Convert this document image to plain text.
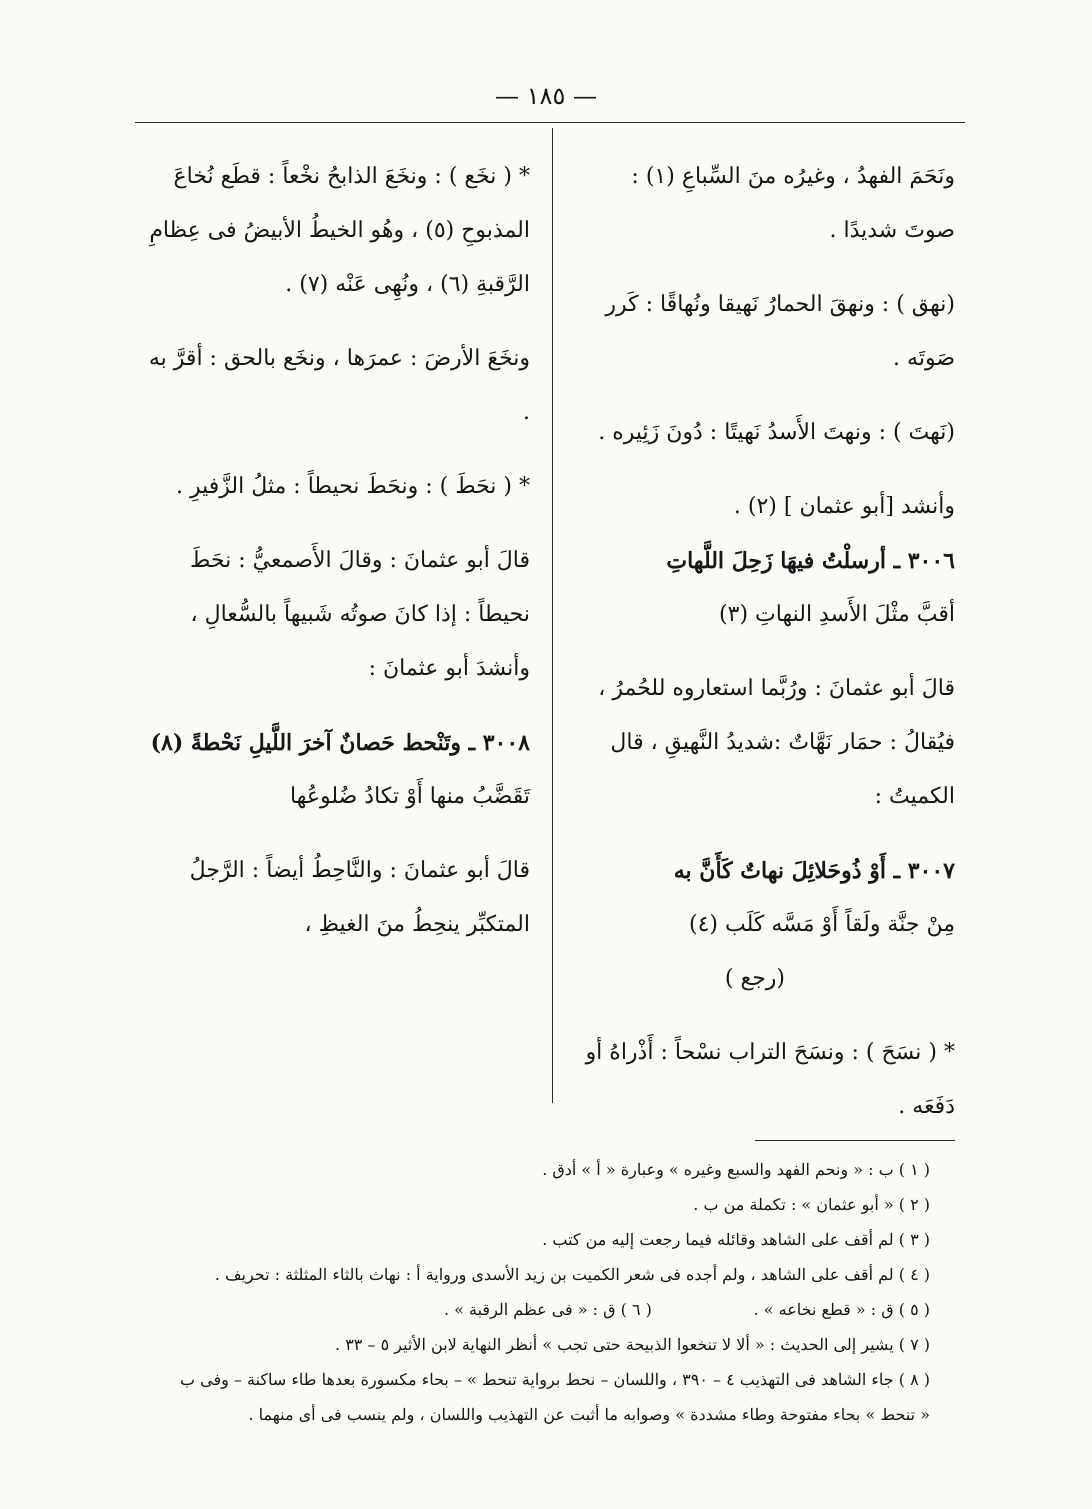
— ١٨٥ —

ونَحَمَ الفهدُ ، وغيرُه منَ السِّباعِ (١) : صوتَ شديدًا .

(نهق ) : ونهقَ الحمارُ نَهيقا ونُهاقًا : كَرر صَوتَه .

(نَهتَ ) : ونهتَ الأَسدُ نَهيتًا : دُونَ زَئِيره .

وأنشد [أبو عثمان ] (٢) .

٣٠٠٦ ـ أرسلْتُ فيهَا زَحِلَ اللَّهاتِ

أقبَّ مثْلَ الأَسدِ النهاتِ (٣)

قالَ أبو عثمانَ : ورُبَّما استعاروه للحُمرُ ، فيُقالُ : حمَار نَهَّاتٌ :شديدُ النَّهيقِ ، قال الكميتُ :

٣٠٠٧ ـ أَوْ ذُوحَلائِلَ نهاتٌ كَأَنَّ به

مِنْ جنَّة ولَقاً أَوْ مَسَّه كَلَب (٤)

(رجع )

* ( نسَحَ ) : ونسَحَ التراب نسْحاً : أَذْراهُ أو دَفَعَه .

* ( نخَع ) : ونخَعَ الذابحُ نخْعاً : قطَع نُخاعَ المذبوحِ (٥) ، وهُو الخيطُ الأبيضُ فى عِظامِ الرَّقبةِ (٦) ، ونُهِى عَنْه (٧) .

ونخَعَ الأرضَ : عمرَها ، ونخَع بالحق : أقرَّ به .

* ( نحَطَ ) : ونحَطَ نحيطاً : مثلُ الزَّفيرِ .

قالَ أبو عثمانَ : وقالَ الأَصمعيُّ : نحَطَ نحيطاً : إذا كانَ صوتُه شَبيهاً بالسُّعالِ ، وأنشدَ أبو عثمانَ :

٣٠٠٨ ـ وتَنْحط حَصانٌ آخرَ اللَّيلِ نَحْطةً (٨)

تَقَضَّبُ منها أَوْ تكادُ ضُلوعُها

قالَ أبو عثمانَ : والنَّاحِطُ أيضاً : الرَّجلُ المتكبِّر ينحِطُ منَ الغيظِ ،

( ١ ) ب : « ونحم الفهد والسبع وغيره » وعبارة « أ » أدق .

( ٢ ) « أبو عثمان » : تكملة من ب .

( ٣ ) لم أقف على الشاهد وقائله فيما رجعت إليه من كتب .

( ٤ ) لم أقف على الشاهد ، ولم أجده فى شعر الكميت بن زيد الأسدى ورواية أ : نهاث بالثاء المثلثة : تحريف .

( ٥ ) ق : « قطع نخاعه » .                    ( ٦ ) ق : « فى عظم الرقبة » .

( ٧ ) يشير إلى الحديث : « ألا لا تنخعوا الذبيحة حتى تجب » أنظر النهاية لابن الأثير ٥ – ٣٣ .

( ٨ ) جاء الشاهد فى التهذيب ٤ – ٣٩٠ ، واللسان – نحط برواية تنحط » – بحاء مكسورة بعدها طاء ساكنة – وفى ب

« تنحط » بحاء مفتوحة وطاء مشددة » وصوابه ما أثبت عن التهذيب واللسان ، ولم ينسب فى أى منهما .
